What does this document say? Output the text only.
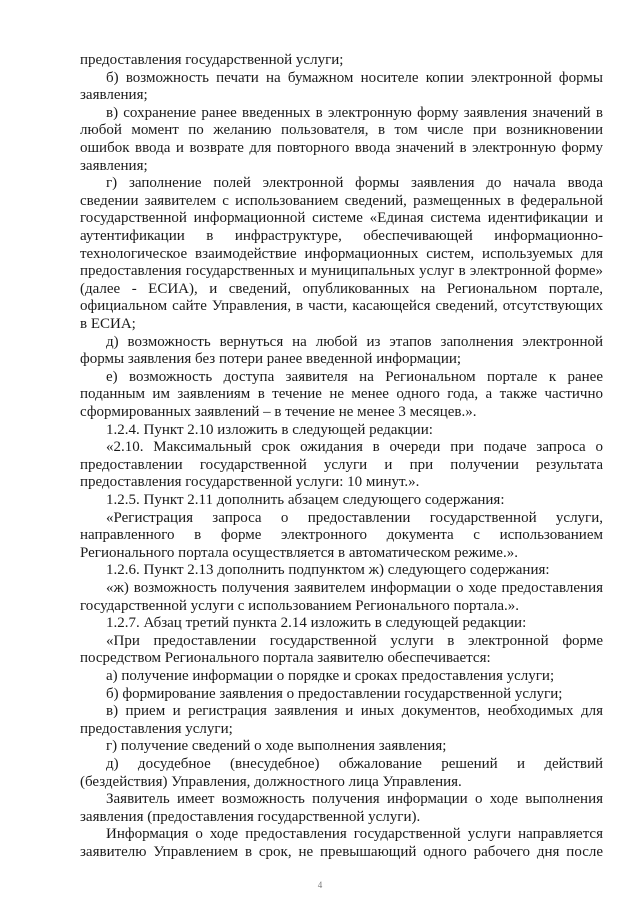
предоставления государственной услуги;
б) возможность печати на бумажном носителе копии электронной формы
заявления;
в) сохранение ранее введенных в электронную форму заявления значений в
любой момент по желанию пользователя, в том числе при возникновении
ошибок ввода и возврате для повторного ввода значений в электронную форму
заявления;
г) заполнение полей электронной формы заявления до начала ввода
сведении заявителем с использованием сведений, размещенных в федеральной
государственной информационной системе «Единая система идентификации и
аутентификации в инфраструктуре, обеспечивающей информационно-
технологическое взаимодействие информационных систем, используемых для
предоставления государственных и муниципальных услуг в электронной форме»
(далее - ЕСИА), и сведений, опубликованных на Региональном портале,
официальном сайте Управления, в части, касающейся сведений, отсутствующих
в ЕСИА;
д) возможность вернуться на любой из этапов заполнения электронной
формы заявления без потери ранее введенной информации;
е) возможность доступа заявителя на Региональном портале к ранее
поданным им заявлениям в течение не менее одного года, а также частично
сформированных заявлений – в течение не менее 3 месяцев.».
1.2.4. Пункт 2.10 изложить в следующей редакции:
«2.10. Максимальный срок ожидания в очереди при подаче запроса о
предоставлении государственной услуги и при получении результата
предоставления государственной услуги: 10 минут.».
1.2.5. Пункт 2.11 дополнить абзацем следующего содержания:
«Регистрация запроса о предоставлении государственной услуги,
направленного в форме электронного документа с использованием
Регионального портала осуществляется в автоматическом режиме.».
1.2.6. Пункт 2.13 дополнить подпунктом ж) следующего содержания:
«ж) возможность получения заявителем информации о ходе предоставления
государственной услуги с использованием Регионального портала.».
1.2.7. Абзац третий пункта 2.14 изложить в следующей редакции:
«При предоставлении государственной услуги в электронной форме
посредством Регионального портала заявителю обеспечивается:
а) получение информации о порядке и сроках предоставления услуги;
б) формирование заявления о предоставлении государственной услуги;
в) прием и регистрация заявления и иных документов, необходимых для
предоставления услуги;
г) получение сведений о ходе выполнения заявления;
д) досудебное (внесудебное) обжалование решений и действий
(бездействия) Управления, должностного лица Управления.
Заявитель имеет возможность получения информации о ходе выполнения
заявления (предоставления государственной услуги).
Информация о ходе предоставления государственной услуги направляется
заявителю Управлением в срок, не превышающий одного рабочего дня после
4
